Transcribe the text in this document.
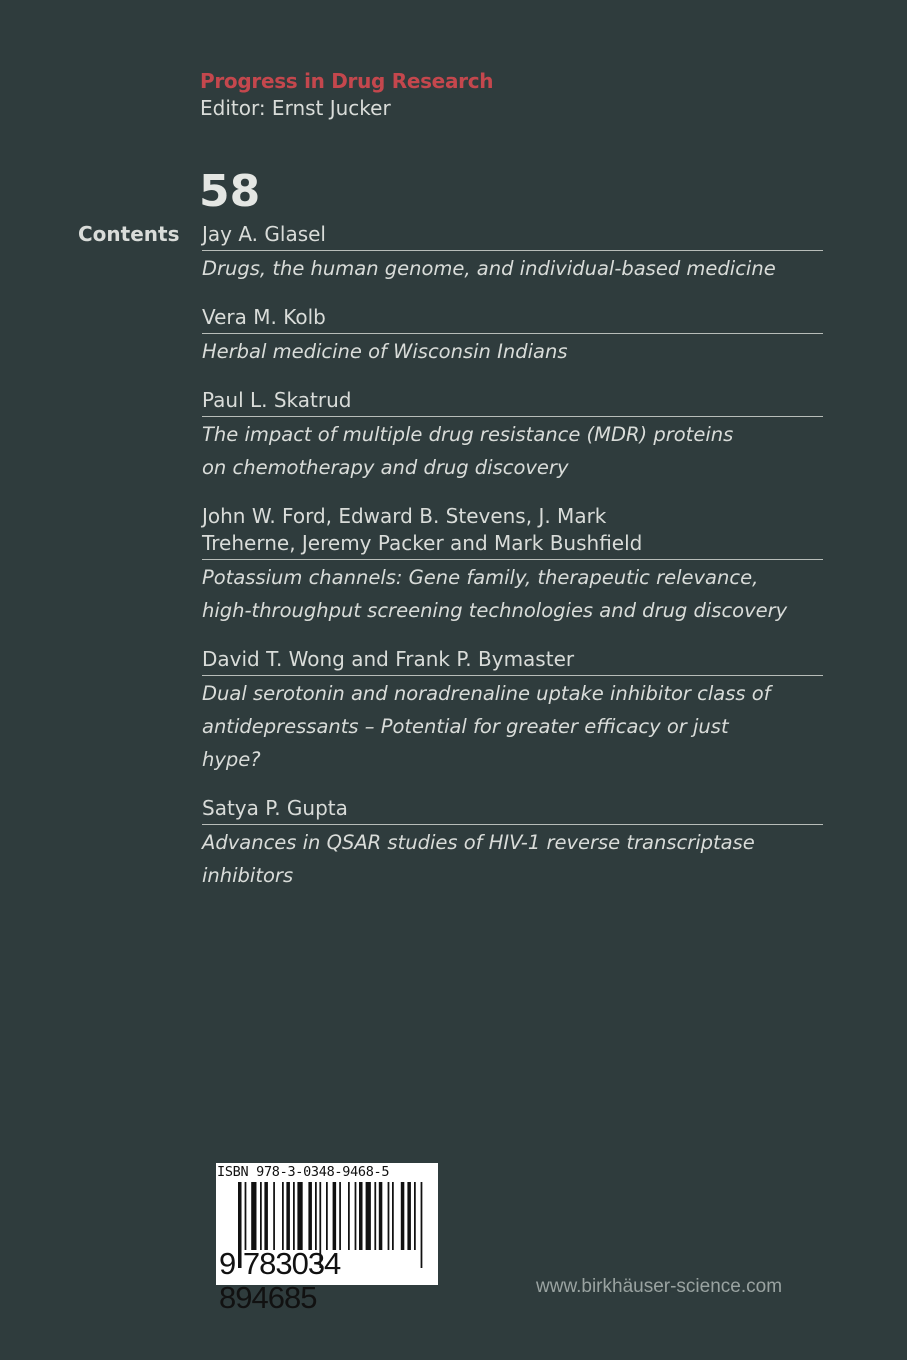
Progress in Drug Research
Editor: Ernst Jucker
58
Contents Jay A. Glasel
Drugs, the human genome, and individual-based medicine
Vera M. Kolb
Herbal medicine of Wisconsin Indians
Paul L. Skatrud
The impact of multiple drug resistance (MDR) proteins on chemotherapy and drug discovery
John W. Ford, Edward B. Stevens, J. Mark Treherne, Jeremy Packer and Mark Bushfield
Potassium channels: Gene family, therapeutic relevance, high-throughput screening technologies and drug discovery
David T. Wong and Frank P. Bymaster
Dual serotonin and noradrenaline uptake inhibitor class of antidepressants – Potential for greater efficacy or just hype?
Satya P. Gupta
Advances in QSAR studies of HIV-1 reverse transcriptase inhibitors
ISBN 978-3-0348-9468-5
9 783034 894685	www.birkhäuser-science.com
